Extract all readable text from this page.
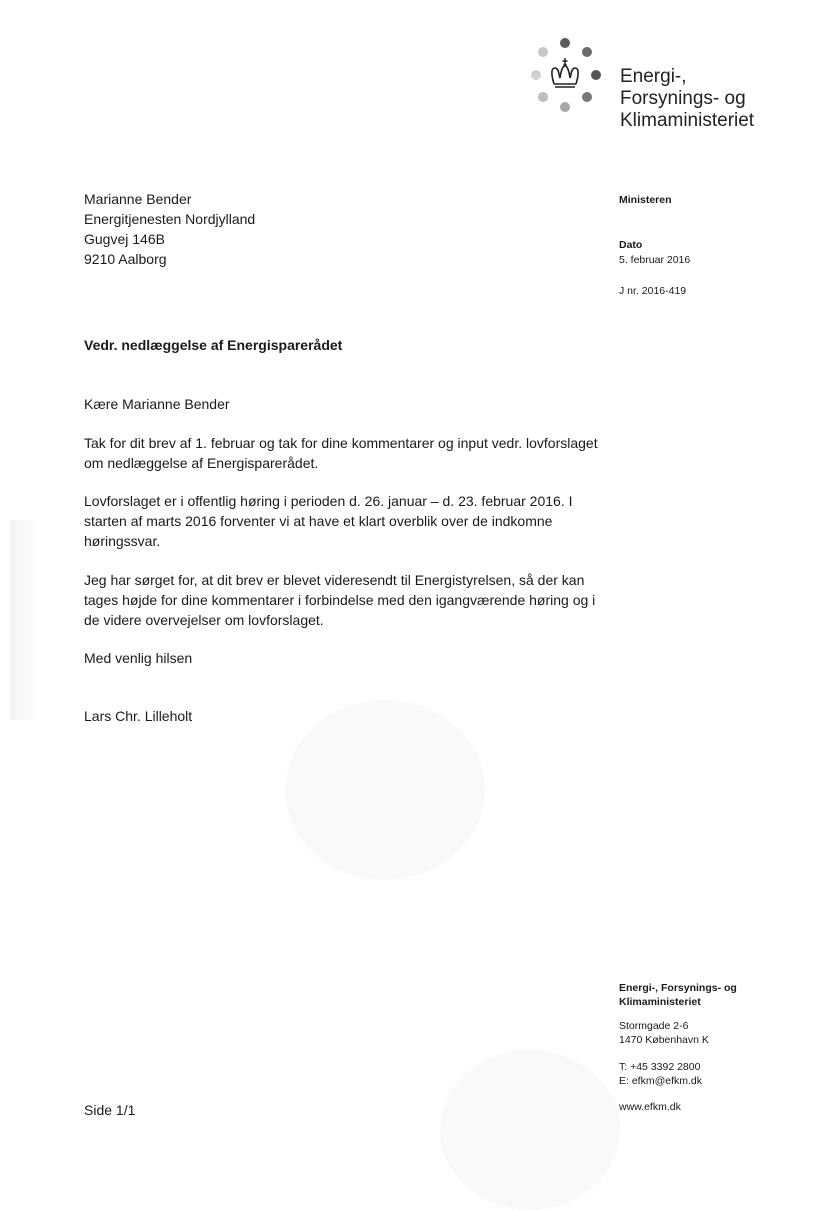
Energi-,
Forsynings- og
Klimaministeriet
Marianne Bender
Energitjenesten Nordjylland
Gugvej 146B
9210 Aalborg
Ministeren
Dato
5. februar 2016
J nr. 2016-419
Vedr. nedlæggelse af Energisparerådet
Kære Marianne Bender
Tak for dit brev af 1. februar og tak for dine kommentarer og input vedr. lovforslaget
om nedlæggelse af Energisparerådet.
Lovforslaget er i offentlig høring i perioden d. 26. januar – d. 23. februar 2016. I
starten af marts 2016 forventer vi at have et klart overblik over de indkomne
høringssvar.
Jeg har sørget for, at dit brev er blevet videresendt til Energistyrelsen, så der kan
tages højde for dine kommentarer i forbindelse med den igangværende høring og i
de videre overvejelser om lovforslaget.
Med venlig hilsen
Lars Chr. Lilleholt
Side 1/1
Energi-, Forsynings- og
Klimaministeriet
Stormgade 2-6
1470 København K
T: +45 3392 2800
E: efkm@efkm.dk
www.efkm.dk
